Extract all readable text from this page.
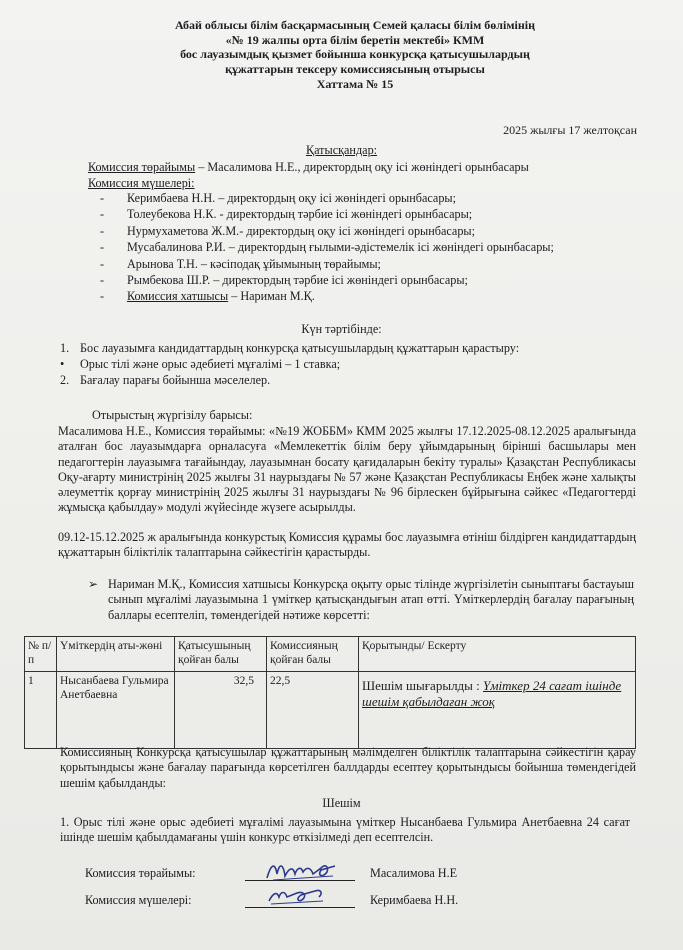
Абай облысы білім басқармасының Семей қаласы білім бөлімінің
«№ 19 жалпы орта білім беретін мектебі» КММ
бос лауазымдық қызмет бойынша конкурсқа қатысушылардың
құжаттарын тексеру комиссиясының отырысы
Хаттама № 15
2025 жылғы 17 желтоқсан
Қатысқандар:
Комиссия төрайымы – Масалимова Н.Е., директордың оқу ісі жөніндегі орынбасары
Комиссия мүшелері:
- Керимбаева Н.Н. – директордың оқу ісі жөніндегі орынбасары;
- Толеубекова Н.К. - директордың тәрбие ісі жөніндегі орынбасары;
- Нурмухаметова Ж.М.- директордың оқу ісі жөніндегі орынбасары;
- Мусабалинова Р.И. – директордың ғылыми-әдістемелік ісі жөніндегі орынбасары;
- Арынова Т.Н. – кәсіподақ ұйымының төрайымы;
- Рымбекова Ш.Р. – директордың тәрбие ісі жөніндегі орынбасары;
- Комиссия хатшысы – Нариман М.Қ.
Күн тәртібінде:
1. Бос лауазымға кандидаттардың конкурсқа қатысушылардың құжаттарын қарастыру:
• Орыс тілі және орыс әдебиеті мұғалімі – 1 ставка;
2. Бағалау парағы бойынша мәселелер.
Отырыстың жүргізілу барысы:
Масалимова Н.Е., Комиссия төрайымы: «№19 ЖОББМ» КММ 2025 жылғы 17.12.2025-08.12.2025 аралығында аталған бос лауазымдарға орналасуға «Мемлекеттік білім беру ұйымдарының бірінші басшылары мен педагогтерін лауазымға тағайындау, лауазымнан босату қағидаларын бекіту туралы» Қазақстан Республикасы Оқу-ағарту министрінің 2025 жылғы 31 наурыздағы № 57 және Қазақстан Республикасы Еңбек және халықты әлеуметтік қорғау министрінің 2025 жылғы 31 наурыздағы № 96 бірлескен бұйрығына сәйкес «Педагогтерді жұмысқа қабылдау» модулі жүйесінде жүзеге асырылды.
09.12-15.12.2025 ж аралығында конкурстық Комиссия құрамы бос лауазымға өтініш білдірген кандидаттардың құжаттарын біліктілік талаптарына сәйкестігін қарастырды.
➢ Нариман М.Қ., Комиссия хатшысы Конкурсқа оқыту орыс тілінде жүргізілетін сыныптағы бастауыш сынып мұғалімі лауазымына 1 үміткер қатысқандығын атап өтті. Үміткерлердің бағалау парағының баллары есептеліп, төмендегідей нәтиже көрсетті:
№ п/п	Үміткердің аты-жөні	Қатысушының қойған балы	Комиссияның қойған балы	Қорытынды/ Ескерту
1	Нысанбаева Гульмира Анетбаевна	32,5	22,5	Шешім шығарылды : Үміткер 24 сағат ішінде шешім қабылдаған жоқ
Комиссияның Конкурсқа қатысушылар құжаттарының мәлімделген біліктілік талаптарына сәйкестігін қарау қорытындысы және бағалау парағында көрсетілген баллдарды есептеу қорытындысы бойынша төмендегідей шешім қабылданды:
Шешім
1. Орыс тілі және орыс әдебиеті мұғалімі лауазымына үміткер Нысанбаева Гульмира Анетбаевна 24 сағат ішінде шешім қабылдамағаны үшін конкурс өткізілмеді деп есептелсін.
Комиссия төрайымы:	Масалимова Н.Е
Комиссия мүшелері:	Керимбаева Н.Н.
